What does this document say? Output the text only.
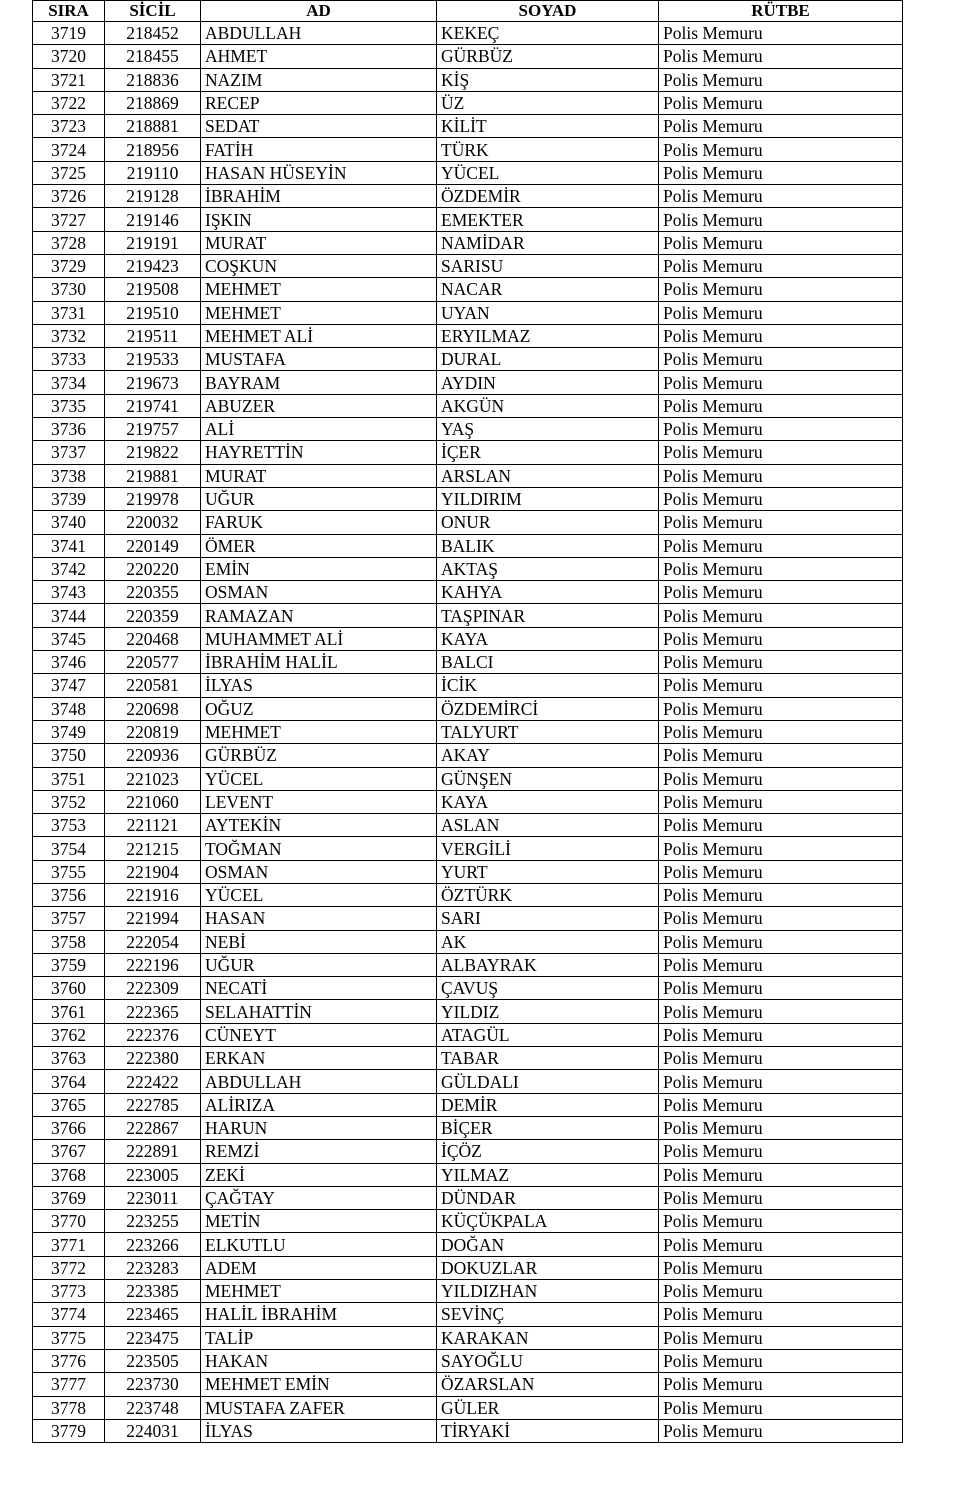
SIRA	SİCİL	AD	SOYAD	RÜTBE
3719	218452	ABDULLAH	KEKEÇ	Polis Memuru
3720	218455	AHMET	GÜRBÜZ	Polis Memuru
3721	218836	NAZIM	KİŞ	Polis Memuru
3722	218869	RECEP	ÜZ	Polis Memuru
3723	218881	SEDAT	KİLİT	Polis Memuru
3724	218956	FATİH	TÜRK	Polis Memuru
3725	219110	HASAN HÜSEYİN	YÜCEL	Polis Memuru
3726	219128	İBRAHİM	ÖZDEMİR	Polis Memuru
3727	219146	IŞKIN	EMEKTER	Polis Memuru
3728	219191	MURAT	NAMİDAR	Polis Memuru
3729	219423	COŞKUN	SARISU	Polis Memuru
3730	219508	MEHMET	NACAR	Polis Memuru
3731	219510	MEHMET	UYAN	Polis Memuru
3732	219511	MEHMET ALİ	ERYILMAZ	Polis Memuru
3733	219533	MUSTAFA	DURAL	Polis Memuru
3734	219673	BAYRAM	AYDIN	Polis Memuru
3735	219741	ABUZER	AKGÜN	Polis Memuru
3736	219757	ALİ	YAŞ	Polis Memuru
3737	219822	HAYRETTİN	İÇER	Polis Memuru
3738	219881	MURAT	ARSLAN	Polis Memuru
3739	219978	UĞUR	YILDIRIM	Polis Memuru
3740	220032	FARUK	ONUR	Polis Memuru
3741	220149	ÖMER	BALIK	Polis Memuru
3742	220220	EMİN	AKTAŞ	Polis Memuru
3743	220355	OSMAN	KAHYA	Polis Memuru
3744	220359	RAMAZAN	TAŞPINAR	Polis Memuru
3745	220468	MUHAMMET ALİ	KAYA	Polis Memuru
3746	220577	İBRAHİM HALİL	BALCI	Polis Memuru
3747	220581	İLYAS	İCİK	Polis Memuru
3748	220698	OĞUZ	ÖZDEMİRCİ	Polis Memuru
3749	220819	MEHMET	TALYURT	Polis Memuru
3750	220936	GÜRBÜZ	AKAY	Polis Memuru
3751	221023	YÜCEL	GÜNŞEN	Polis Memuru
3752	221060	LEVENT	KAYA	Polis Memuru
3753	221121	AYTEKİN	ASLAN	Polis Memuru
3754	221215	TOĞMAN	VERGİLİ	Polis Memuru
3755	221904	OSMAN	YURT	Polis Memuru
3756	221916	YÜCEL	ÖZTÜRK	Polis Memuru
3757	221994	HASAN	SARI	Polis Memuru
3758	222054	NEBİ	AK	Polis Memuru
3759	222196	UĞUR	ALBAYRAK	Polis Memuru
3760	222309	NECATİ	ÇAVUŞ	Polis Memuru
3761	222365	SELAHATTİN	YILDIZ	Polis Memuru
3762	222376	CÜNEYT	ATAGÜL	Polis Memuru
3763	222380	ERKAN	TABAR	Polis Memuru
3764	222422	ABDULLAH	GÜLDALI	Polis Memuru
3765	222785	ALİRIZA	DEMİR	Polis Memuru
3766	222867	HARUN	BİÇER	Polis Memuru
3767	222891	REMZİ	İÇÖZ	Polis Memuru
3768	223005	ZEKİ	YILMAZ	Polis Memuru
3769	223011	ÇAĞTAY	DÜNDAR	Polis Memuru
3770	223255	METİN	KÜÇÜKPALA	Polis Memuru
3771	223266	ELKUTLU	DOĞAN	Polis Memuru
3772	223283	ADEM	DOKUZLAR	Polis Memuru
3773	223385	MEHMET	YILDIZHAN	Polis Memuru
3774	223465	HALİL İBRAHİM	SEVİNÇ	Polis Memuru
3775	223475	TALİP	KARAKAN	Polis Memuru
3776	223505	HAKAN	SAYOĞLU	Polis Memuru
3777	223730	MEHMET EMİN	ÖZARSLAN	Polis Memuru
3778	223748	MUSTAFA ZAFER	GÜLER	Polis Memuru
3779	224031	İLYAS	TİRYAKİ	Polis Memuru
